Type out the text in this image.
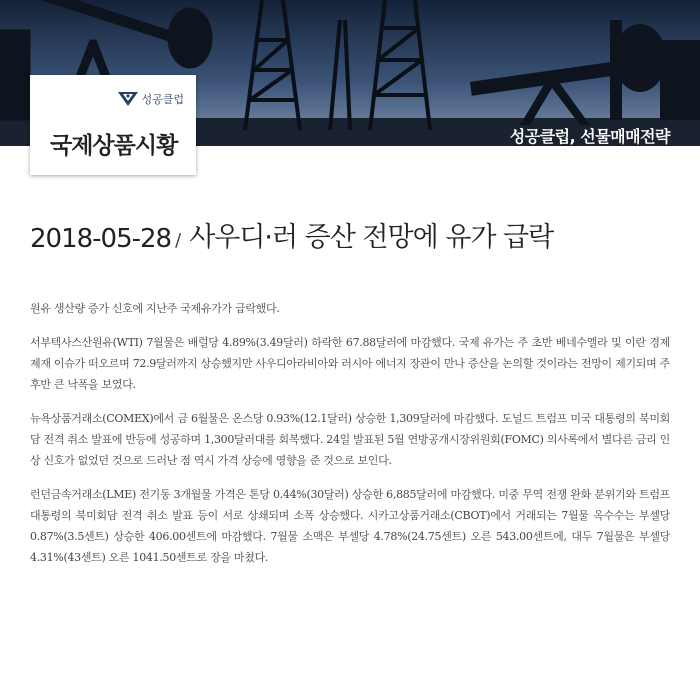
성공클럽, 선물매매전략
성공클럽
국제상품시황
2018-05-28 / 사우디·러 증산 전망에 유가 급락

원유 생산량 증가 신호에 지난주 국제유가가 급락했다.

서부텍사스산원유(WTI) 7월물은 배럴당 4.89%(3.49달러) 하락한 67.88달러에 마감했다. 국제 유가는 주 초반 베네수엘라 및 이란 경제 제재 이슈가 떠오르며 72.9달러까지 상승했지만 사우디아라비아와 러시아 에너지 장관이 만나 증산을 논의할 것이라는 전망이 제기되며 주 후반 큰 낙폭을 보였다.

뉴욕상품거래소(COMEX)에서 금 6월물은 온스당 0.93%(12.1달러) 상승한 1,309달러에 마감했다. 도널드 트럼프 미국 대통령의 북미회담 전격 취소 발표에 반등에 성공하며 1,300달러대를 회복했다. 24일 발표된 5월 연방공개시장위원회(FOMC) 의사록에서 별다른 금리 인상 신호가 없었던 것으로 드러난 점 역시 가격 상승에 영향을 준 것으로 보인다.

런던금속거래소(LME) 전기동 3개월물 가격은 톤당 0.44%(30달러) 상승한 6,885달러에 마감했다. 미중 무역 전쟁 완화 분위기와 트럼프 대통령의 북미회담 전격 취소 발표 등이 서로 상쇄되며 소폭 상승했다. 시카고상품거래소(CBOT)에서 거래되는 7월물 옥수수는 부셸당 0.87%(3.5센트) 상승한 406.00센트에 마감했다. 7월물 소맥은 부셸당 4.78%(24.75센트) 오른 543.00센트에, 대두 7월물은 부셸당 4.31%(43센트) 오른 1041.50센트로 장을 마쳤다.
